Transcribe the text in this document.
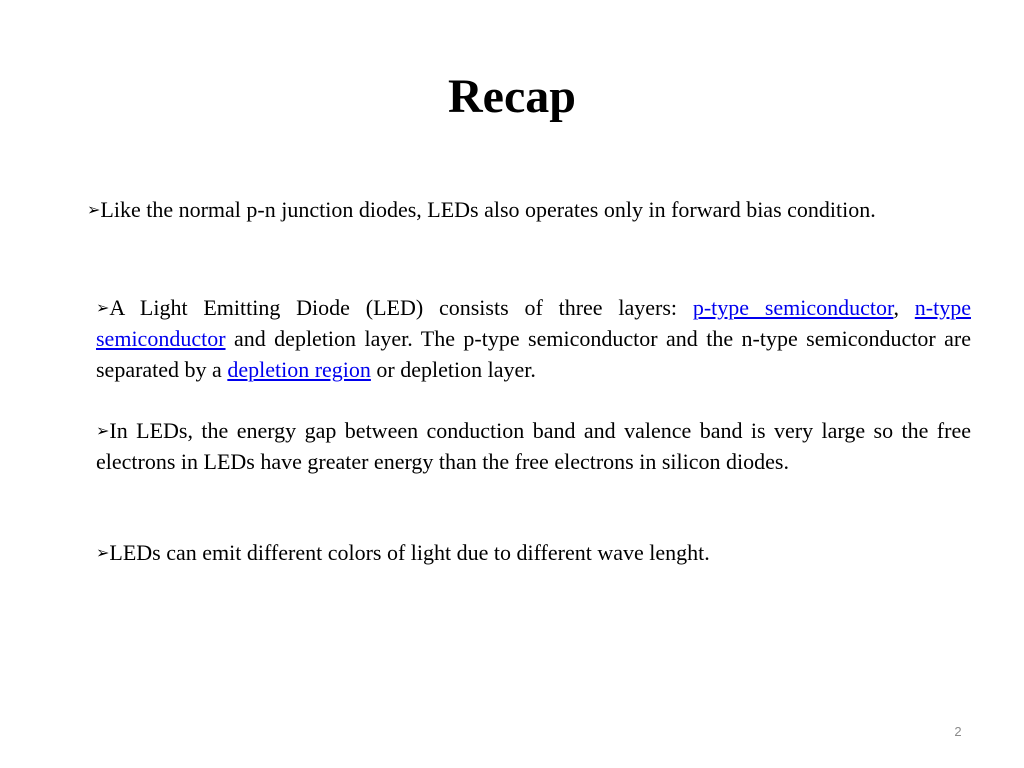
Recap
➢Like the normal p-n junction diodes, LEDs also operates only in forward bias condition.
➢A Light Emitting Diode (LED) consists of three layers: p-type semiconductor, n-type semiconductor and depletion layer. The p-type semiconductor and the n-type semiconductor are separated by a depletion region or depletion layer.
➢In LEDs, the energy gap between conduction band and valence band is very large so the free electrons in LEDs have greater energy than the free electrons in silicon diodes.
➢LEDs can emit different colors of light due to different wave lenght.
2
